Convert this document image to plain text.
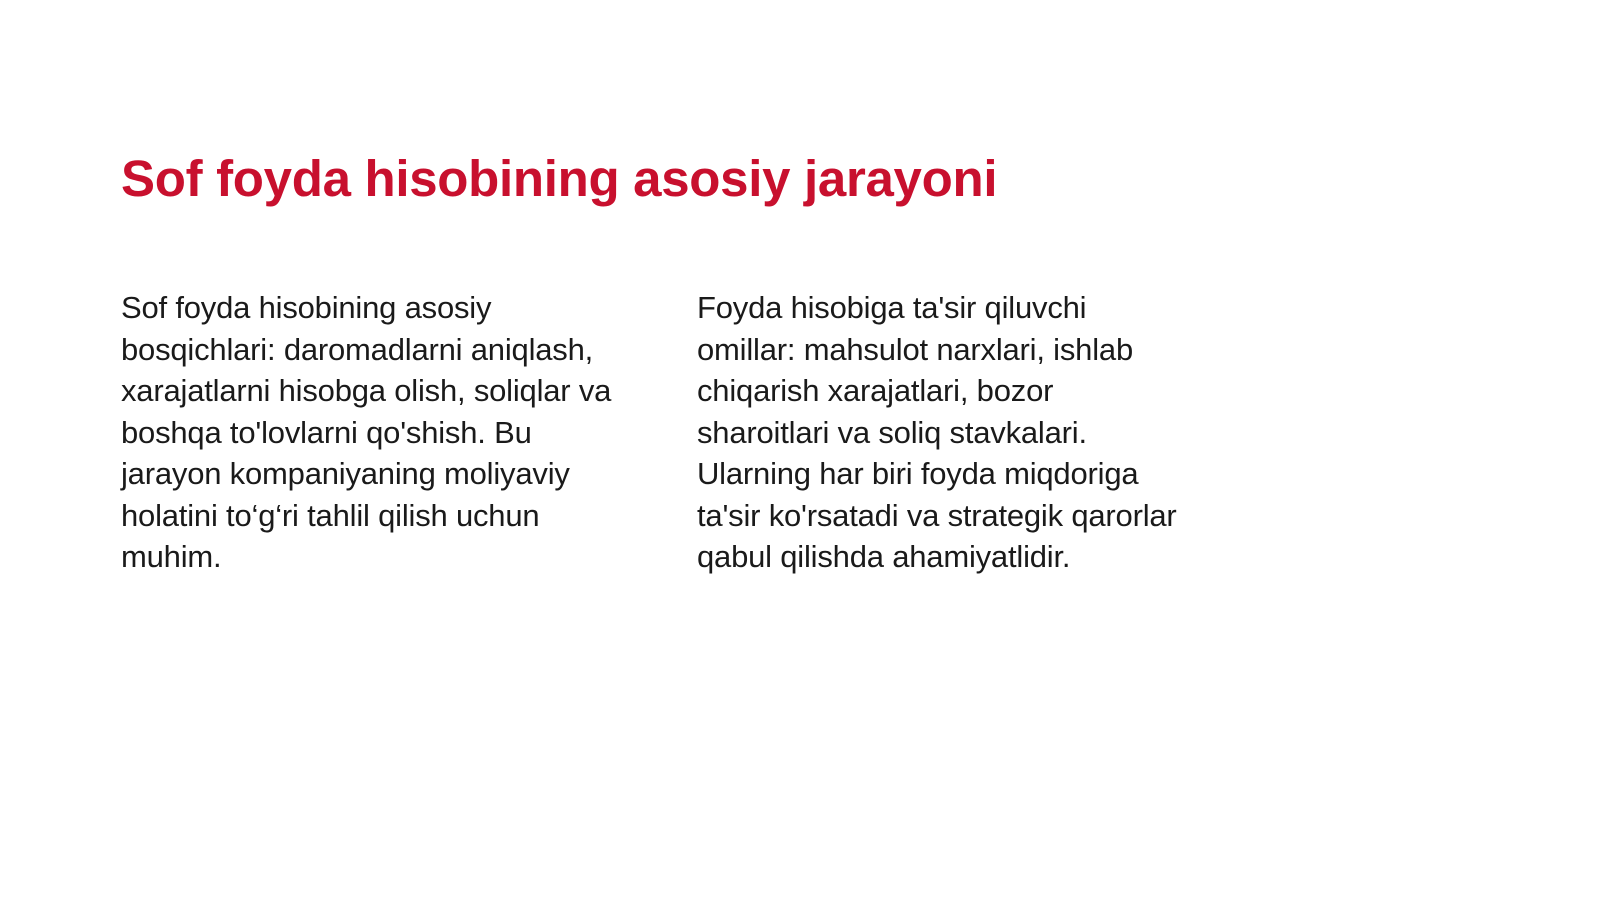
Sof foyda hisobining asosiy jarayoni

Sof foyda hisobining asosiy bosqichlari: daromadlarni aniqlash, xarajatlarni hisobga olish, soliqlar va boshqa to'lovlarni qo'shish. Bu jarayon kompaniyaning moliyaviy holatini to‘g‘ri tahlil qilish uchun muhim.

Foyda hisobiga ta'sir qiluvchi omillar: mahsulot narxlari, ishlab chiqarish xarajatlari, bozor sharoitlari va soliq stavkalari. Ularning har biri foyda miqdoriga ta'sir ko'rsatadi va strategik qarorlar qabul qilishda ahamiyatlidir.
